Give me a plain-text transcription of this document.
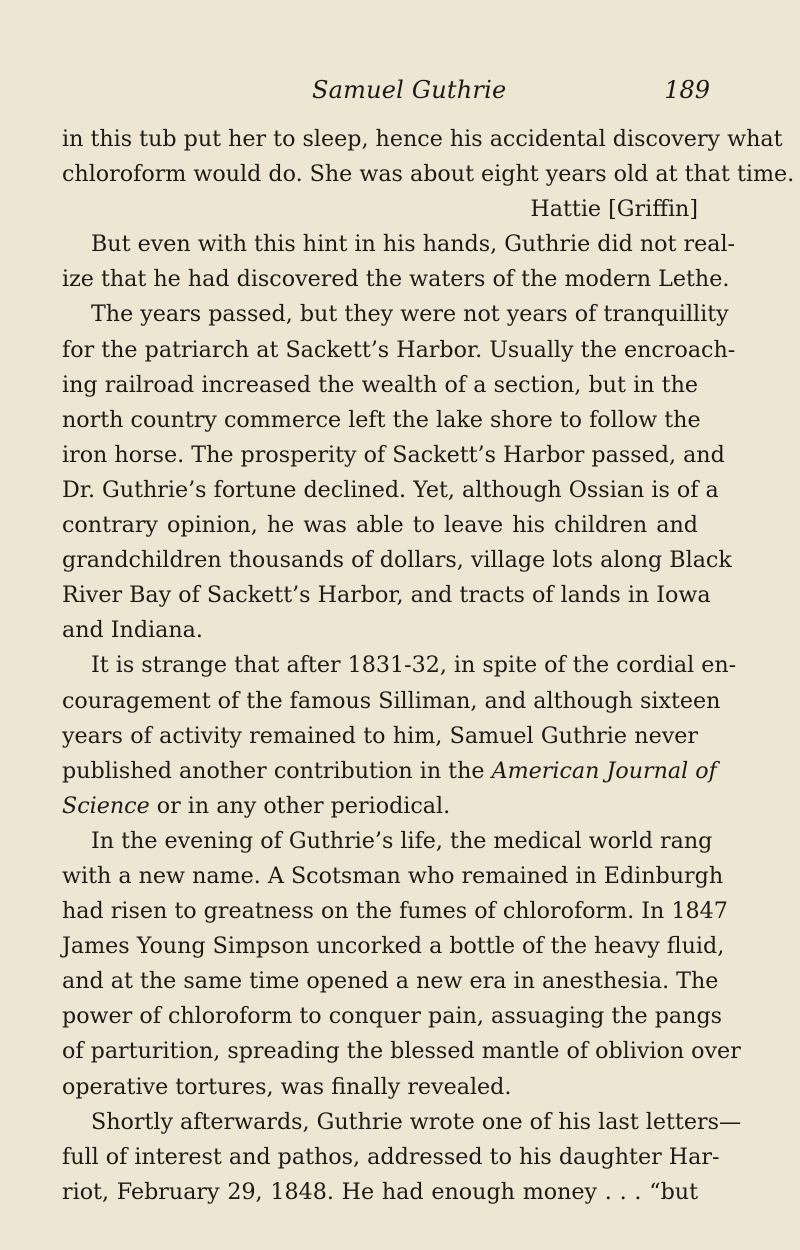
Samuel Guthrie	189
in this tub put her to sleep, hence his accidental discovery what
chloroform would do. She was about eight years old at that time.
Hattie [Griffin]
But even with this hint in his hands, Guthrie did not real-
ize that he had discovered the waters of the modern Lethe.
The years passed, but they were not years of tranquillity
for the patriarch at Sackett’s Harbor. Usually the encroach-
ing railroad increased the wealth of a section, but in the
north country commerce left the lake shore to follow the
iron horse. The prosperity of Sackett’s Harbor passed, and
Dr. Guthrie’s fortune declined. Yet, although Ossian is of a
contrary opinion, he was able to leave his children and
grandchildren thousands of dollars, village lots along Black
River Bay of Sackett’s Harbor, and tracts of lands in Iowa
and Indiana.
It is strange that after 1831-32, in spite of the cordial en-
couragement of the famous Silliman, and although sixteen
years of activity remained to him, Samuel Guthrie never
published another contribution in the American Journal of
Science or in any other periodical.
In the evening of Guthrie’s life, the medical world rang
with a new name. A Scotsman who remained in Edinburgh
had risen to greatness on the fumes of chloroform. In 1847
James Young Simpson uncorked a bottle of the heavy fluid,
and at the same time opened a new era in anesthesia. The
power of chloroform to conquer pain, assuaging the pangs
of parturition, spreading the blessed mantle of oblivion over
operative tortures, was finally revealed.
Shortly afterwards, Guthrie wrote one of his last letters—
full of interest and pathos, addressed to his daughter Har-
riot, February 29, 1848. He had enough money . . . “but
